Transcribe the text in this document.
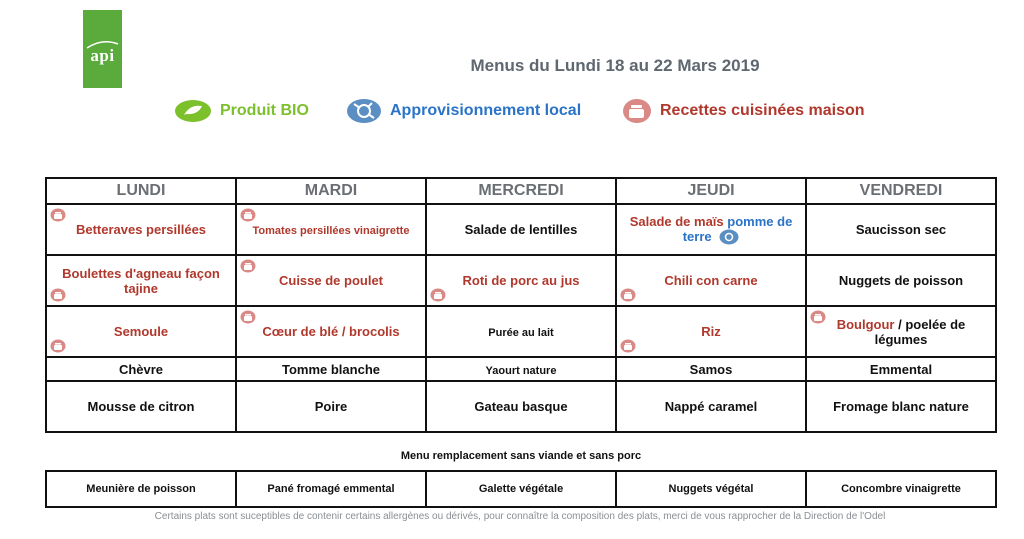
api
Menus du Lundi 18 au 22 Mars 2019
Produit BIO	Approvisionnement local	Recettes cuisinées maison
LUNDI	MARDI	MERCREDI	JEUDI	VENDREDI

Betteraves persillées	Tomates persillées vinaigrette	Salade de lentilles	Salade de maïs pomme de terre	Saucisson sec

Boulettes d'agneau façon tajine	Cuisse de poulet	Roti de porc au jus	Chili con carne	Nuggets de poisson

Semoule	Cœur de blé / brocolis	Purée au lait	Riz	Boulgour / poelée de légumes
Chèvre	Tomme blanche	Yaourt nature	Samos	Emmental
Mousse de citron	Poire	Gateau basque	Nappé caramel	Fromage blanc nature
Menu remplacement sans viande et sans porc
Meunière de poisson	Pané fromagé emmental	Galette végétale	Nuggets végétal	Concombre vinaigrette
Certains plats sont suceptibles de contenir certains allergènes ou dérivés, pour connaître la composition des plats, merci de vous rapprocher de la Direction de l'Odel
